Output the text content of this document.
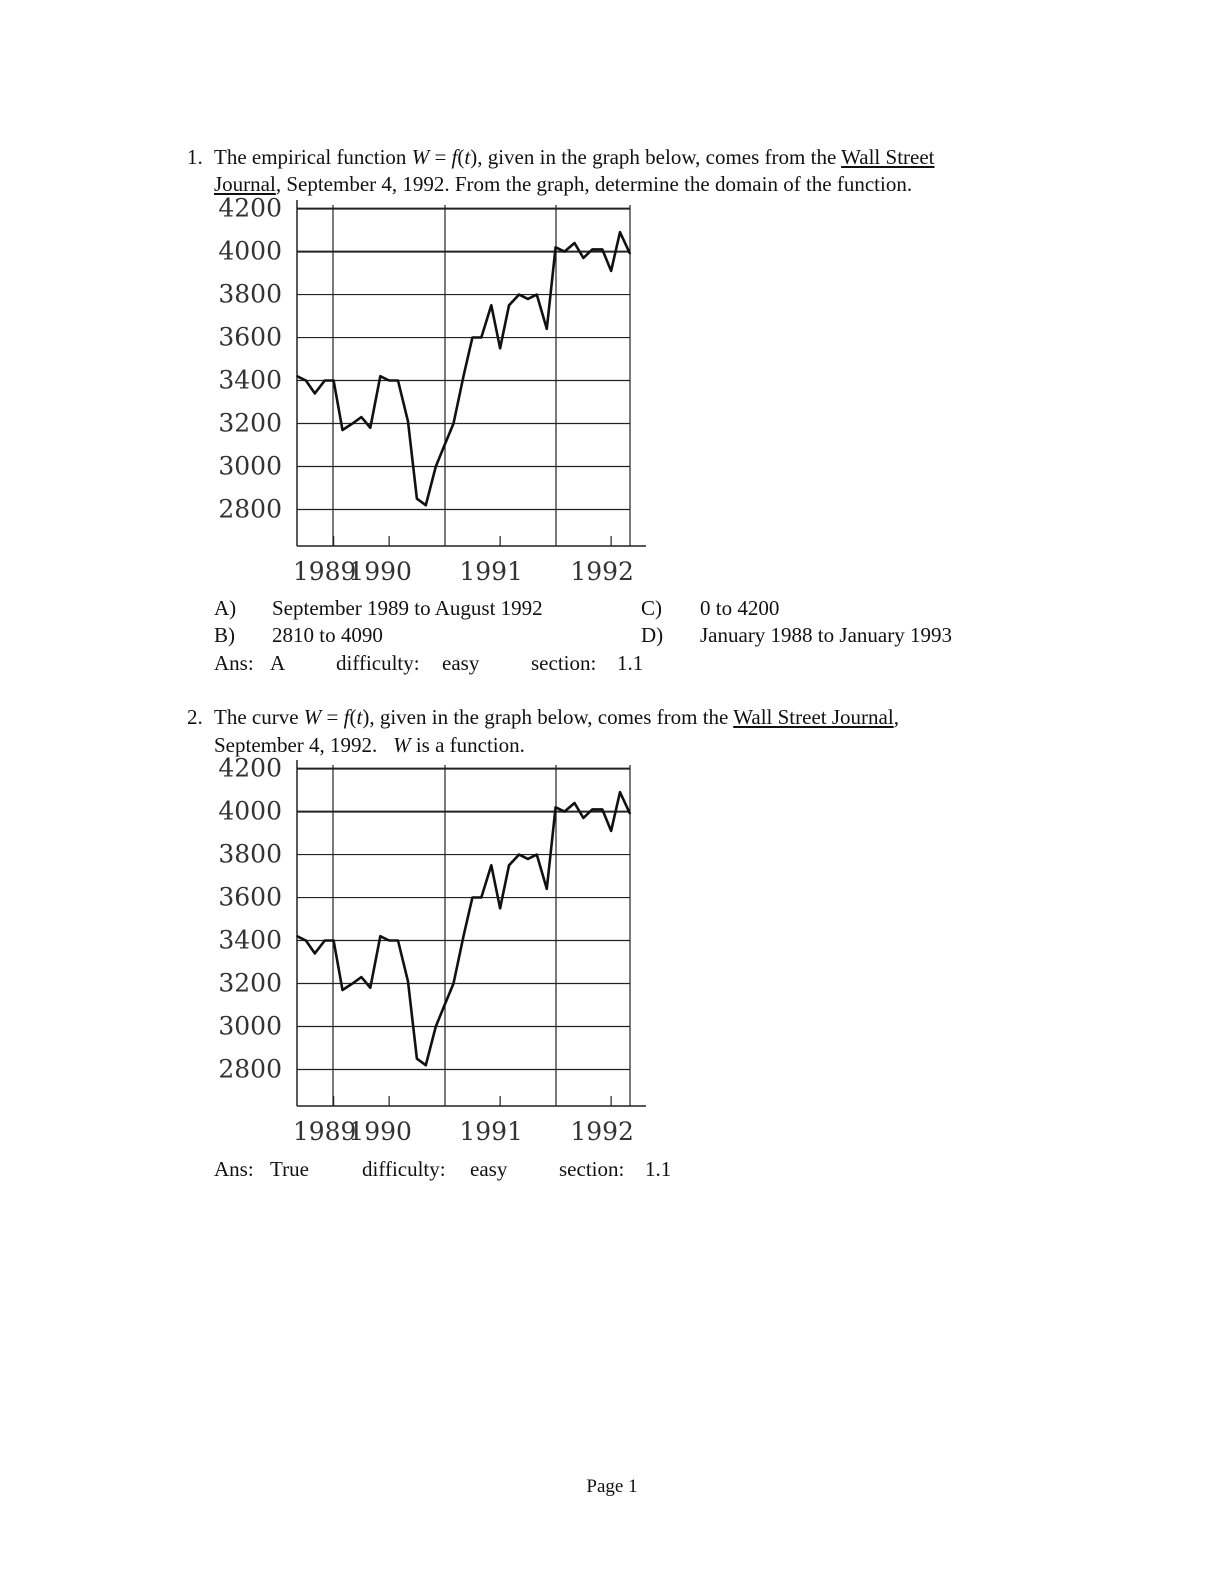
1. The empirical function W = f(t), given in the graph below, comes from the Wall Street
Journal, September 4, 1992. From the graph, determine the domain of the function.
4200
4000
3800
3600
3400
3200
3000
2800
1989
1990 1991 1992
A) September 1989 to August 1992	C) 0 to 4200
B) 2810 to 4090	D) January 1988 to January 1993
Ans: A difficulty: easy section: 1.1
2. The curve W = f(t), given in the graph below, comes from the Wall Street Journal,
September 4, 1992.   W is a function.
4200
4000
3800
3600
3400
3200
3000
2800
1989
1990 1991 1992
Ans: True	difficulty: easy section: 1.1
Page 1
